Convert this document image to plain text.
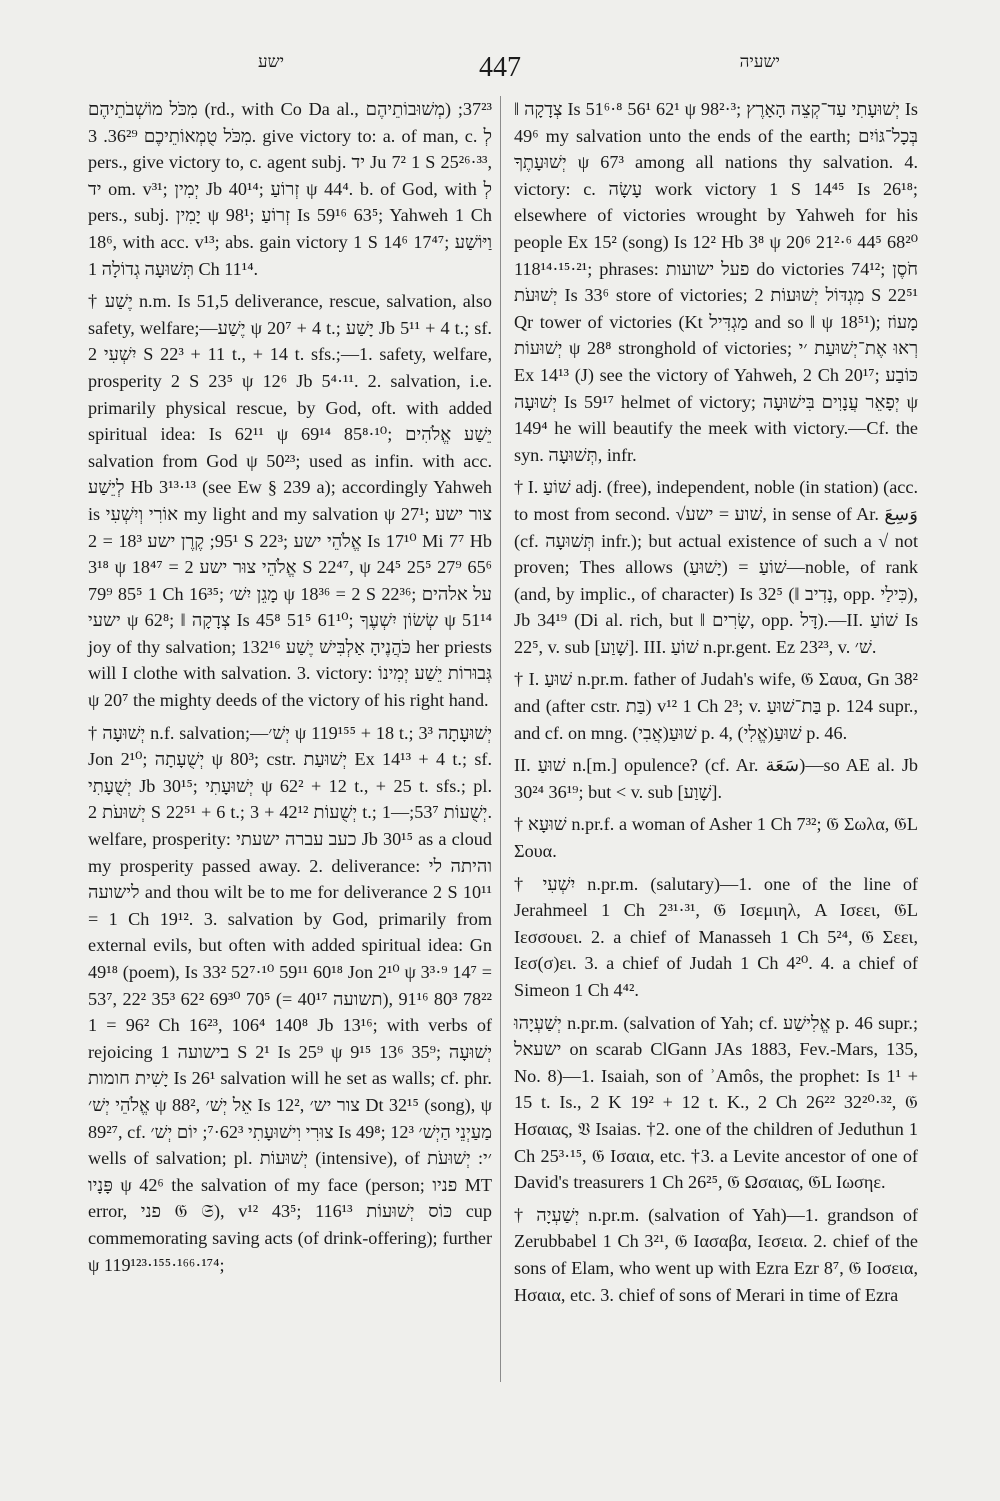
ישע	447	ישעיה

מִכֹּל מוֹשְׁבֹתֵיהֶם (rd., with Co Da al., מְשׁוּבוֹתֵיהֶם) 37²³; מִכֹּל טֻמְאוֹתֵיכֶם 36²⁹. 3. give victory to: a. of man, c. לְ pers., give victory to, c. agent subj. יד Ju 7² 1 S 25²⁶·³³, יד om. v³¹; יְמִין Jb 40¹⁴; זְרוֹעַ ψ 44⁴. b. of God, with לְ pers., subj. יָמִין ψ 98¹; זְרוֹעַ Is 59¹⁶ 63⁵; Yahweh 1 Ch 18⁶, with acc. v¹³; abs. gain victory 1 S 14⁶ 17⁴⁷; וַיּוֹשַׁע תְּשׁוּעָה גְדוֹלָה 1 Ch 11¹⁴.

† יֶשַׁע n.m. Is 51,5 deliverance, rescue, salvation, also safety, welfare;—יֶשַׁע ψ 20⁷ + 4 t.; יָשַׁע Jb 5¹¹ + 4 t.; sf. יִשְׁעִי 2 S 22³ + 11 t., + 14 t. sfs.;—1. safety, welfare, prosperity 2 S 23⁵ ψ 12⁶ Jb 5⁴·¹¹. 2. salvation, i.e. primarily physical rescue, by God, oft. with added spiritual idea: Is 62¹¹ ψ 69¹⁴ 85⁸·¹⁰; יֵשַׁע אֱלֹהִים salvation from God ψ 50²³; used as infin. with acc. לְיֵשַׁע Hb 3¹³·¹³ (see Ew § 239 a); accordingly Yahweh is אוֹרִי וְיִשְׁעִי my light and my salvation ψ 27¹; צור ישע 95¹; קֶרֶן ישע 18³ = 2 S 22³; אֱלֹהֵי ישע Is 17¹⁰ Mi 7⁷ Hb 3¹⁸ ψ 18⁴⁷ = אֱלֹהֵי צוּר ישע 2 S 22⁴⁷, ψ 24⁵ 25⁵ 27⁹ 65⁶ 79⁹ 85⁵ 1 Ch 16³⁵; מָגֵן יִשׁ׳ ψ 18³⁶ = 2 S 22³⁶; על אלהים ישעי ψ 62⁸; ‖ צְדָקָה Is 45⁸ 51⁵ 61¹⁰; שְׂשׂוֹן יִשְׁעֶךָ ψ 51¹⁴ joy of thy salvation; כֹּהֲנֶיהָ אַלְבִּישׁ יֶשַׁע 132¹⁶ her priests will I clothe with salvation. 3. victory: גְּבוּרוֹת יֵשַׁע יְמִינוֹ ψ 20⁷ the mighty deeds of the victory of his right hand.

† יְשׁוּעָה n.f. salvation;—יְשׁ׳ ψ 119¹⁵⁵ + 18 t.; יְשׁוּעָתָה 3³ Jon 2¹⁰; יְשֻׁעָתָה ψ 80³; cstr. יְשׁוּעַת Ex 14¹³ + 4 t.; sf. יְשֻׁעָתִי Jb 30¹⁵; יְשׁוּעָתִי ψ 62² + 12 t., + 25 t. sfs.; pl. יְשׁוּעֹת 2 S 22⁵¹ + 6 t.; יְשֻׁעוֹת 42¹² + 3 t.; יְשֻׁעוֹת 53⁷;—1. welfare, prosperity: כעב עברה ישעתי Jb 30¹⁵ as a cloud my prosperity passed away. 2. deliverance: והיתה לי לישועה and thou wilt be to me for deliverance 2 S 10¹¹ = 1 Ch 19¹². 3. salvation by God, primarily from external evils, but often with added spiritual idea: Gn 49¹⁸ (poem), Is 33² 52⁷·¹⁰ 59¹¹ 60¹⁸ Jon 2¹⁰ ψ 3³·⁹ 14⁷ = 53⁷, 22² 35³ 62² 69³⁰ 70⁵ (= תשועה 40¹⁷), 78²² 80³ 91¹⁶ 96² = 1 Ch 16²³, 106⁴ 140⁸ Jb 13¹⁶; with verbs of rejoicing בישועה 1 S 2¹ Is 25⁹ ψ 9¹⁵ 13⁶ 35⁹; יְשׁוּעָה יָשִׁית חומות Is 26¹ salvation will he set as walls; cf. phr. אֱלֹהֵי יְשׁ׳ ψ 88², אֵל יְשׁ׳ Is 12², צור יש׳ Dt 32¹⁵ (song), ψ 89²⁷, cf. צוּרִי וִישׁוּעָתִי 62³·⁷; יוֹם יְשׁ׳ Is 49⁸; מַעַיְנֵי הַיְשׁ׳ 12³ wells of salvation; pl. יְשׁוּעוֹת (intensive), of ׳י: יְשׁוּעֹת פָּנָיו ψ 42⁶ the salvation of my face (person; פניו MT error, פני 𝔊 𝔖), v¹² 43⁵; כּוֹס יְשׁוּעוֹת 116¹³ cup commemorating saving acts (of drink-offering); further ψ 119¹²³·¹⁵⁵·¹⁶⁶·¹⁷⁴;

‖ צְדָקָה Is 51⁶·⁸ 56¹ 62¹ ψ 98²·³; יְשׁוּעָתִי עַד־קְצֵה הָאָרֶץ Is 49⁶ my salvation unto the ends of the earth; בְּכָל־גּוֹיִם יְשׁוּעָתֶךָ ψ 67³ among all nations thy salvation. 4. victory: c. עָשָׂה work victory 1 S 14⁴⁵ Is 26¹⁸; elsewhere of victories wrought by Yahweh for his people Ex 15² (song) Is 12² Hb 3⁸ ψ 20⁶ 21²·⁶ 44⁵ 68²⁰ 118¹⁴·¹⁵·²¹; phrases: פעל ישועות do victories 74¹²; חֹסֶן יְשׁוּעֹת Is 33⁶ store of victories; מִגְדּוֹל יְשׁוּעוֹת 2 S 22⁵¹ Qr tower of victories (Kt מַגְדִּיל and so ‖ ψ 18⁵¹); מָעוֹז יְשׁוּעוֹת ψ 28⁸ stronghold of victories; רְאוּ אֶת־יְשׁוּעַת ׳י Ex 14¹³ (J) see the victory of Yahweh, 2 Ch 20¹⁷; כּוֹבַע יְשׁוּעָה Is 59¹⁷ helmet of victory; יְפָאֵר עֲנָוִים בִּישׁוּעָה ψ 149⁴ he will beautify the meek with victory.—Cf. the syn. תְּשׁוּעָה, infr.

† I. שׁוֹעַ adj. (free), independent, noble (in station) (acc. to most from second. √שׁוע = ישע, in sense of Ar. وَسِعَ (cf. תְּשׁוּעָה infr.); but actual existence of such a √ not proven; Thes allows שׁוֹעַ = (יָשׁוּעַ)—noble, of rank (and, by implic., of character) Is 32⁵ (‖ נָדִיב, opp. כִּילַי), Jb 34¹⁹ (Di al. rich, but ‖ שָׂרִים, opp. דָּל).—II. שׁוֹעַ Is 22⁵, v. sub [שָׁוַע]. III. שׁוֹעַ n.pr.gent. Ez 23²³, v. שׁ׳.

† I. שׁוּעַ n.pr.m. father of Judah's wife, 𝔊 Σαυα, Gn 38² and (after cstr. בַּת) v¹² 1 Ch 2³; v. בַּת־שׁוּעַ p. 124 supr., and cf. on mng. (אֲבִי)שׁוּעַ p. 4, (אֱלִי)שׁוּעַ p. 46.

II. שׁוּעַ n.[m.] opulence? (cf. Ar. سَعَة)—so AE al. Jb 30²⁴ 36¹⁹; but < v. sub [שָׁוַע].

† שׁוּעָא n.pr.f. a woman of Asher 1 Ch 7³²; 𝔊 Σωλα, 𝔊L Σουα.

† יִשְׁעִי n.pr.m. (salutary)—1. one of the line of Jerahmeel 1 Ch 2³¹·³¹, 𝔊 Ισεμιηλ, A Ισεει, 𝔊L Ιεσσουει. 2. a chief of Manasseh 1 Ch 5²⁴, 𝔊 Σεει, Ιεσ(σ)ει. 3. a chief of Judah 1 Ch 4²⁰. 4. a chief of Simeon 1 Ch 4⁴².

יְשַׁעְיָהוּ n.pr.m. (salvation of Yah; cf. אֱלִישַׁע p. 46 supr.; ישעאל on scarab ClGann JAs 1883, Fev.-Mars, 135, No. 8)—1. Isaiah, son of ʾAmôs, the prophet: Is 1¹ + 15 t. Is., 2 K 19² + 12 t. K., 2 Ch 26²² 32²⁰·³², 𝔊 Ησαιας, 𝔙 Isaias. †2. one of the children of Jeduthun 1 Ch 25³·¹⁵, 𝔊 Ισαια, etc. †3. a Levite ancestor of one of David's treasurers 1 Ch 26²⁵, 𝔊 Ωσαιας, 𝔊L Ιωσηε.

† יְשַׁעְיָה n.pr.m. (salvation of Yah)—1. grandson of Zerubbabel 1 Ch 3²¹, 𝔊 Ιασαβα, Ιεσεια. 2. chief of the sons of Elam, who went up with Ezra Ezr 8⁷, 𝔊 Ιοσεια, Ησαια, etc. 3. chief of sons of Merari in time of Ezra
